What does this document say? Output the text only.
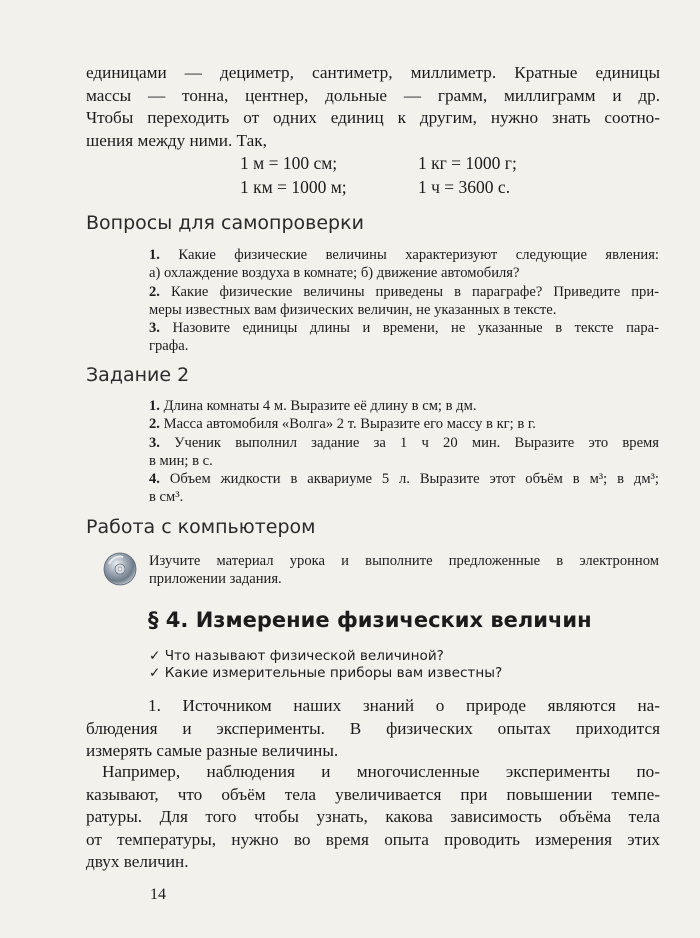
единицами — дециметр, сантиметр, миллиметр. Кратные единицы
массы — тонна, центнер, дольные — грамм, миллиграмм и др.
Чтобы переходить от одних единиц к другим, нужно знать соотно-
шения между ними. Так,
1 м = 100 см;	1 кг = 1000 г;
1 км = 1000 м;	1 ч = 3600 с.
Вопросы для самопроверки
1. Какие физические величины характеризуют следующие явления:
а) охлаждение воздуха в комнате; б) движение автомобиля?
2. Какие физические величины приведены в параграфе? Приведите при-
меры известных вам физических величин, не указанных в тексте.
3. Назовите единицы длины и времени, не указанные в тексте пара-
графа.
Задание 2
1. Длина комнаты 4 м. Выразите её длину в см; в дм.
2. Масса автомобиля «Волга» 2 т. Выразите его массу в кг; в г.
3. Ученик выполнил задание за 1 ч 20 мин. Выразите это время
в мин; в с.
4. Объем жидкости в аквариуме 5 л. Выразите этот объём в м³; в дм³;
в см³.
Работа с компьютером
Изучите материал урока и выполните предложенные в электронном
приложении задания.
§ 4. Измерение физических величин
✓ Что называют физической величиной?
✓ Какие измерительные приборы вам известны?
1. Источником наших знаний о природе являются на-
блюдения и эксперименты. В физических опытах приходится
измерять самые разные величины.
Например, наблюдения и многочисленные эксперименты по-
казывают, что объём тела увеличивается при повышении темпе-
ратуры. Для того чтобы узнать, какова зависимость объёма тела
от температуры, нужно во время опыта проводить измерения этих
двух величин.
14
